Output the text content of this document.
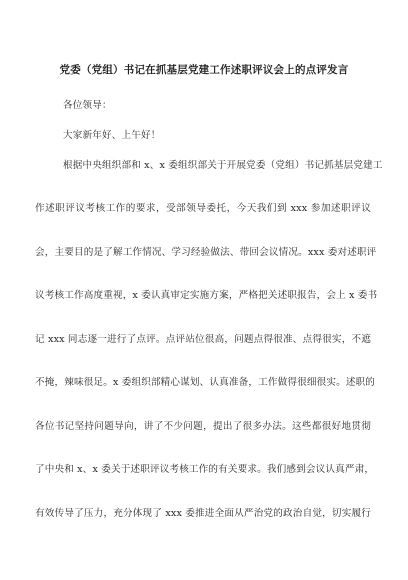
党委（党组）书记在抓基层党建工作述职评议会上的点评发言
各位领导：
大家新年好、上午好！
根据中央组织部和 x、x 委组织部关于开展党委（党组）书记抓基层党建工
作述职评议考核工作的要求，受部领导委托，今天我们到 xxx 参加述职评议
会，主要目的是了解工作情况、学习经验做法、带回会议情况。xxx 委对述职评
议考核工作高度重视，x 委认真审定实施方案，严格把关述职报告，会上 x 委书
记 xxx 同志逐一进行了点评。点评站位很高，问题点得很准、点得很实，不遮
不掩，辣味很足。x 委组织部精心谋划、认真准备，工作做得很细很实。述职的
各位书记坚持问题导向，讲了不少问题，提出了很多办法。这些都很好地贯彻
了中央和 x、x 委关于述职评议考核工作的有关要求。我们感到会议认真严肃，
有效传导了压力，充分体现了 xxx 委推进全面从严治党的政治自觉，切实履行
